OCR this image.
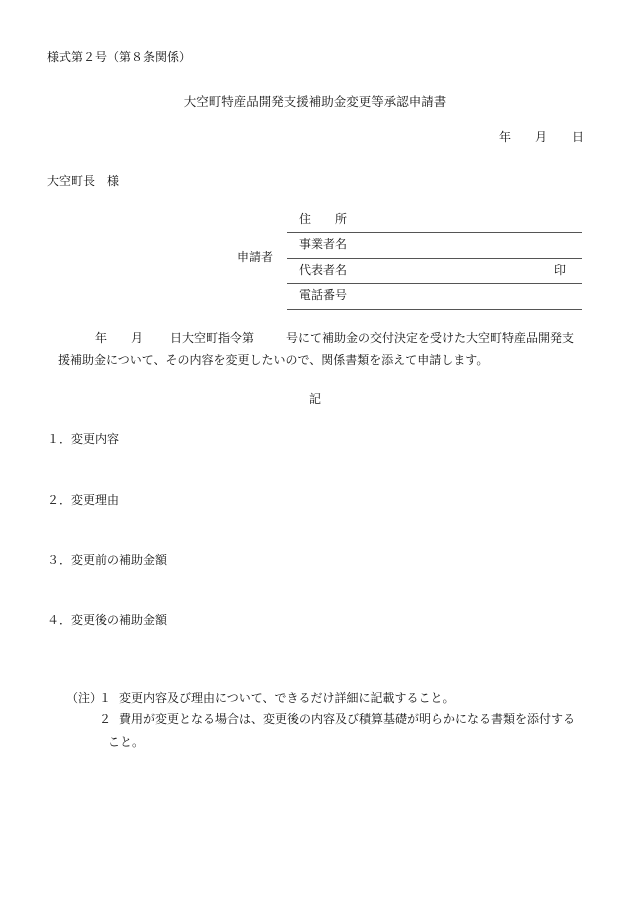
様式第２号（第８条関係）
大空町特産品開発支援補助金変更等承認申請書
年 月 日
大空町長　様
申請者
住　　所
事業者名
代表者名	印
電話番号
年 月 日大空町指令第	号にて補助金の交付決定を受けた大空町特産品開発支
援補助金について、その内容を変更したいので、関係書類を添えて申請します。
記
１．変更内容
２．変更理由
３．変更前の補助金額
４．変更後の補助金額
（注）
１ 変更内容及び理由について、できるだけ詳細に記載すること。
２ 費用が変更となる場合は、変更後の内容及び積算基礎が明らかになる書類を添付する
こと。
